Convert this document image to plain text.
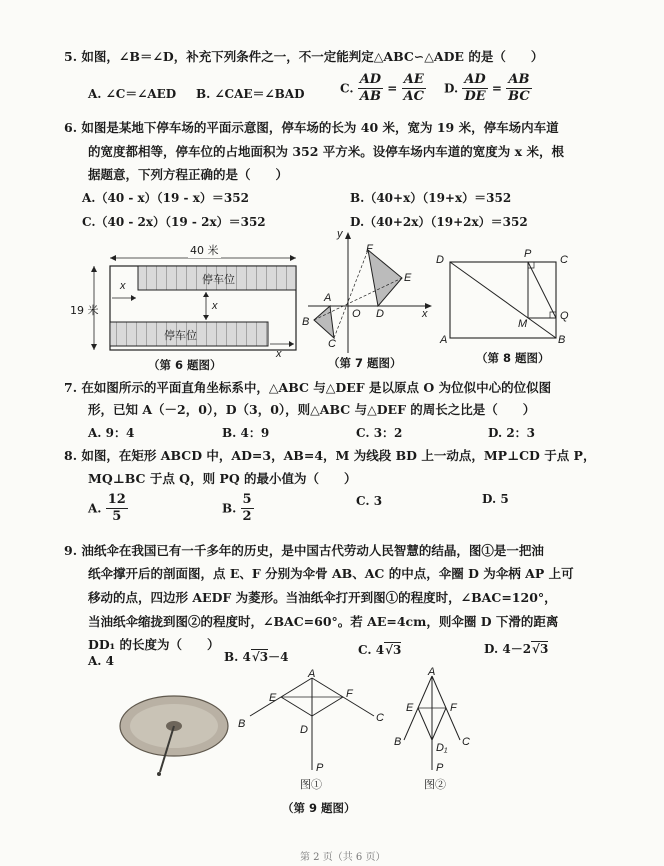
5. 如图，∠B＝∠D，补充下列条件之一，不一定能判定△ABC∽△ADE 的是（　　）
A. ∠C＝∠AED B. ∠CAE＝∠BAD	C. $\frac{AD}{AB} = \frac{AE}{AC} D$. $\frac{AD}{DE} = \frac{AB}{BC}$
6. 如图是某地下停车场的平面示意图，停车场的长为 40 米，宽为 19 米，停车场内车道
的宽度都相等，停车位的占地面积为 352 平方米。设停车场内车道的宽度为 x 米，根
据题意，下列方程正确的是（　　）
A.（40 - x）（19 - x）＝352	B.（40+x）（19+x）＝352
C.（40 - 2x）（19 - 2x）＝352	D.（40+2x）（19+2x）＝352
40 米
19 米
停车位
停车位
x
x
x
（第 6 题图）
y
x
O
A
B
C
D
E
F
（第 7 题图）
D	P	C
Q
M
A	B
（第 8 题图）
7. 在如图所示的平面直角坐标系中，△ABC 与△DEF 是以原点 O 为位似中心的位似图
形，已知 A（－2，0），D（3，0），则△ABC 与△DEF 的周长之比是（　　）
A. 9：4	B. 4：9	C. 3：2	D. 2：3
8. 如图，在矩形 ABCD 中，AD=3，AB=4，M 为线段 BD 上一动点，MP⊥CD 于点 P，
MQ⊥BC 于点 Q，则 PQ 的最小值为（　　）
A. $\frac{12}{5}$	B. $\frac{5}{2}$	C. 3	D. 5
9. 油纸伞在我国已有一千多年的历史，是中国古代劳动人民智慧的结晶，图①是一把油
纸伞撑开后的剖面图，点 E、F 分别为伞骨 AB、AC 的中点，伞圈 D 为伞柄 AP 上可
移动的点，四边形 AEDF 为菱形。当油纸伞打开到图①的程度时，∠BAC=120°，
当油纸伞缩拢到图②的程度时，∠BAC=60°。若 AE=4cm，则伞圈 D 下滑的距离
DD₁ 的长度为（　　）
A. 4	B. 4√3－4	C. 4√3	D. 4－2√3
A
B	C
D
E	F
P
图①
A
B	C
E	F
D₁
P
图②
（第 9 题图）
第 2 页（共 6 页）
